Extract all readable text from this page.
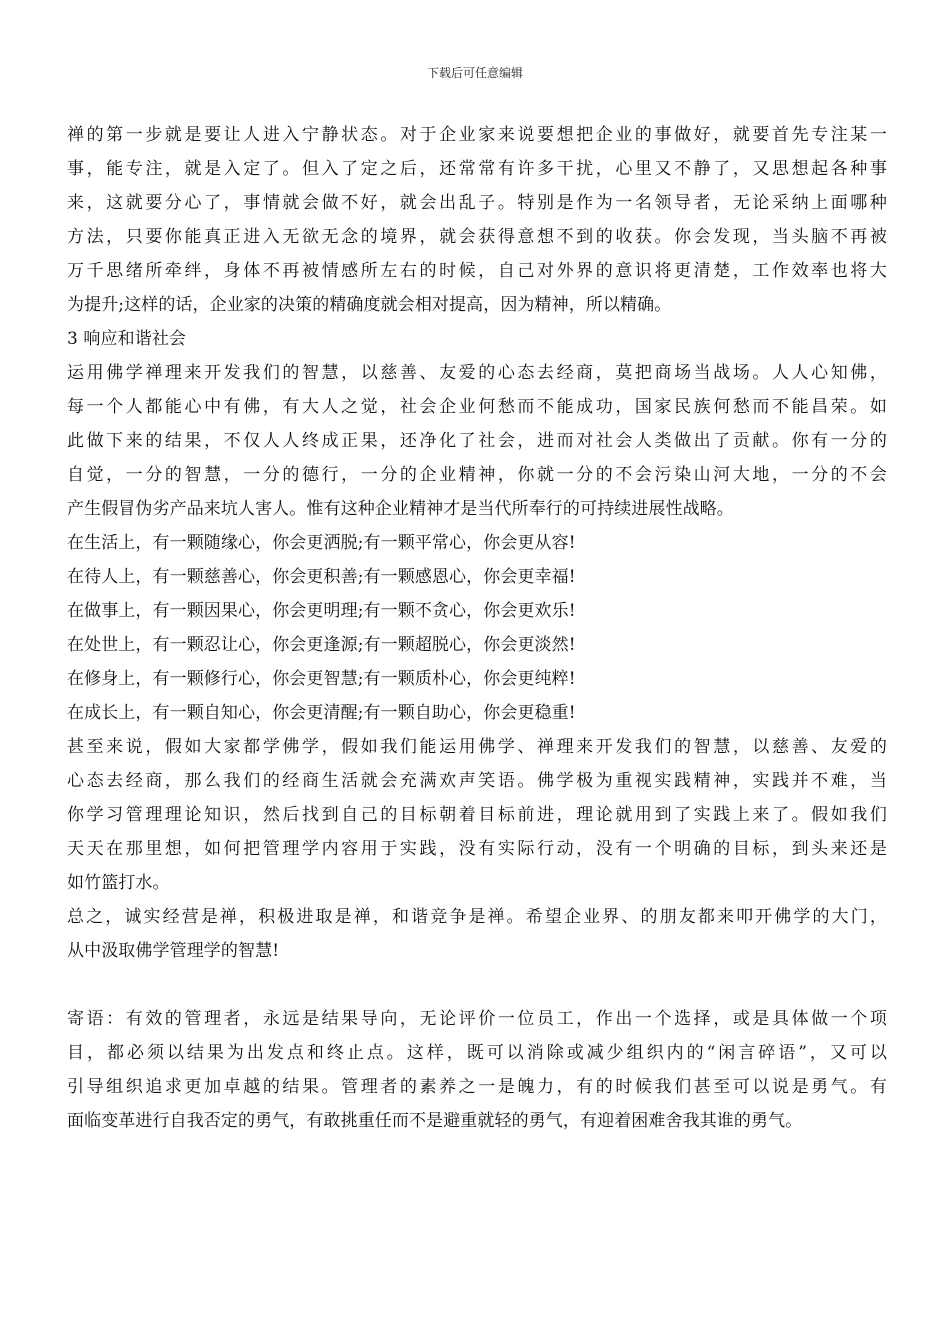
下载后可任意编辑
禅的第一步就是要让人进入宁静状态。对于企业家来说要想把企业的事做好，就要首先专注某一
事，能专注，就是入定了。但入了定之后，还常常有许多干扰，心里又不静了，又思想起各种事
来，这就要分心了，事情就会做不好，就会出乱子。特别是作为一名领导者，无论采纳上面哪种
方法，只要你能真正进入无欲无念的境界，就会获得意想不到的收获。你会发现，当头脑不再被
万千思绪所牵绊，身体不再被情感所左右的时候，自己对外界的意识将更清楚，工作效率也将大
为提升;这样的话，企业家的决策的精确度就会相对提高，因为精神，所以精确。
3 响应和谐社会
运用佛学禅理来开发我们的智慧，以慈善、友爱的心态去经商，莫把商场当战场。人人心知佛，
每一个人都能心中有佛，有大人之觉，社会企业何愁而不能成功，国家民族何愁而不能昌荣。如
此做下来的结果，不仅人人终成正果，还净化了社会，进而对社会人类做出了贡献。你有一分的
自觉，一分的智慧，一分的德行，一分的企业精神，你就一分的不会污染山河大地，一分的不会
产生假冒伪劣产品来坑人害人。惟有这种企业精神才是当代所奉行的可持续进展性战略。
在生活上，有一颗随缘心，你会更洒脱;有一颗平常心，你会更从容!
在待人上，有一颗慈善心，你会更积善;有一颗感恩心，你会更幸福!
在做事上，有一颗因果心，你会更明理;有一颗不贪心，你会更欢乐!
在处世上，有一颗忍让心，你会更逢源;有一颗超脱心，你会更淡然!
在修身上，有一颗修行心，你会更智慧;有一颗质朴心，你会更纯粹!
在成长上，有一颗自知心，你会更清醒;有一颗自助心，你会更稳重!
甚至来说，假如大家都学佛学，假如我们能运用佛学、禅理来开发我们的智慧，以慈善、友爱的
心态去经商，那么我们的经商生活就会充满欢声笑语。佛学极为重视实践精神，实践并不难，当
你学习管理理论知识，然后找到自己的目标朝着目标前进，理论就用到了实践上来了。假如我们
天天在那里想，如何把管理学内容用于实践，没有实际行动，没有一个明确的目标，到头来还是
如竹篮打水。
总之，诚实经营是禅，积极进取是禅，和谐竞争是禅。希望企业界、的朋友都来叩开佛学的大门，
从中汲取佛学管理学的智慧!
寄语：有效的管理者，永远是结果导向，无论评价一位员工，作出一个选择，或是具体做一个项
目，都必须以结果为出发点和终止点。这样，既可以消除或减少组织内的“闲言碎语”，又可以
引导组织追求更加卓越的结果。管理者的素养之一是魄力，有的时候我们甚至可以说是勇气。有
面临变革进行自我否定的勇气，有敢挑重任而不是避重就轻的勇气，有迎着困难舍我其谁的勇气。
